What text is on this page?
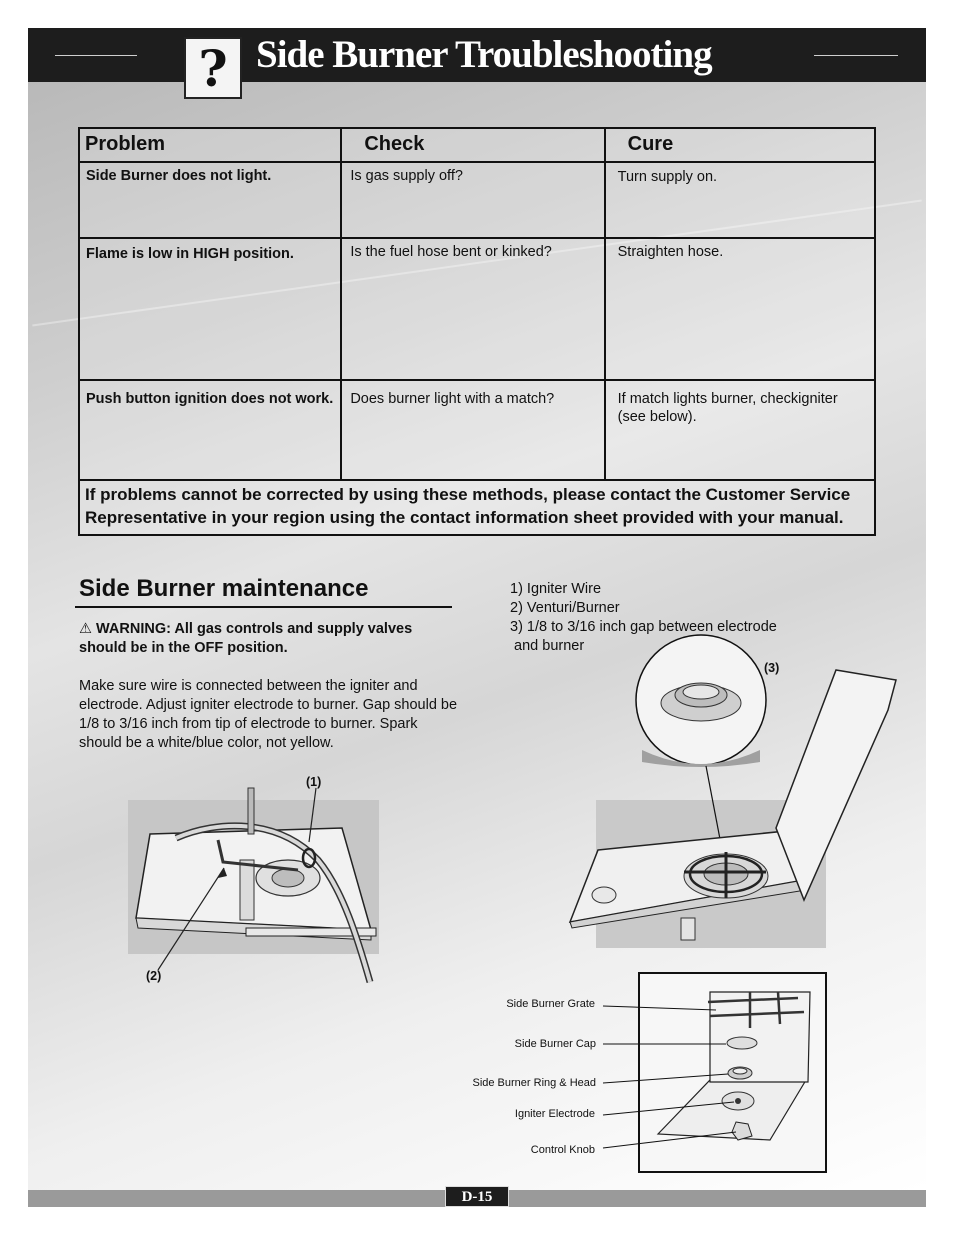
? Side Burner Troubleshooting
Problem	Check	Cure
Side Burner does not light.	Is gas supply off?	Turn supply on.
Flame is low in HIGH position.	Is the fuel hose bent or kinked?	Straighten hose.
Push button ignition does not work.	Does burner light with a match?	If match lights burner, checkigniter (see below).
If problems cannot be corrected by using these methods, please contact the Customer Service Representative in your region using the contact information sheet provided with your manual.		
Side Burner maintenance
⚠ WARNING: All gas controls and supply valves should be in the OFF position.
Make sure wire is connected between the igniter and electrode. Adjust igniter electrode to burner. Gap should be 1/8 to 3/16 inch from tip of electrode to burner. Spark should be a white/blue color, not yellow.
1) Igniter Wire
2) Venturi/Burner
3) 1/8 to 3/16 inch gap between electrode
and burner
(1)
(2)
(3)
Side Burner Grate
Side Burner Cap
Side Burner Ring & Head
Igniter Electrode
Control Knob
D-15
